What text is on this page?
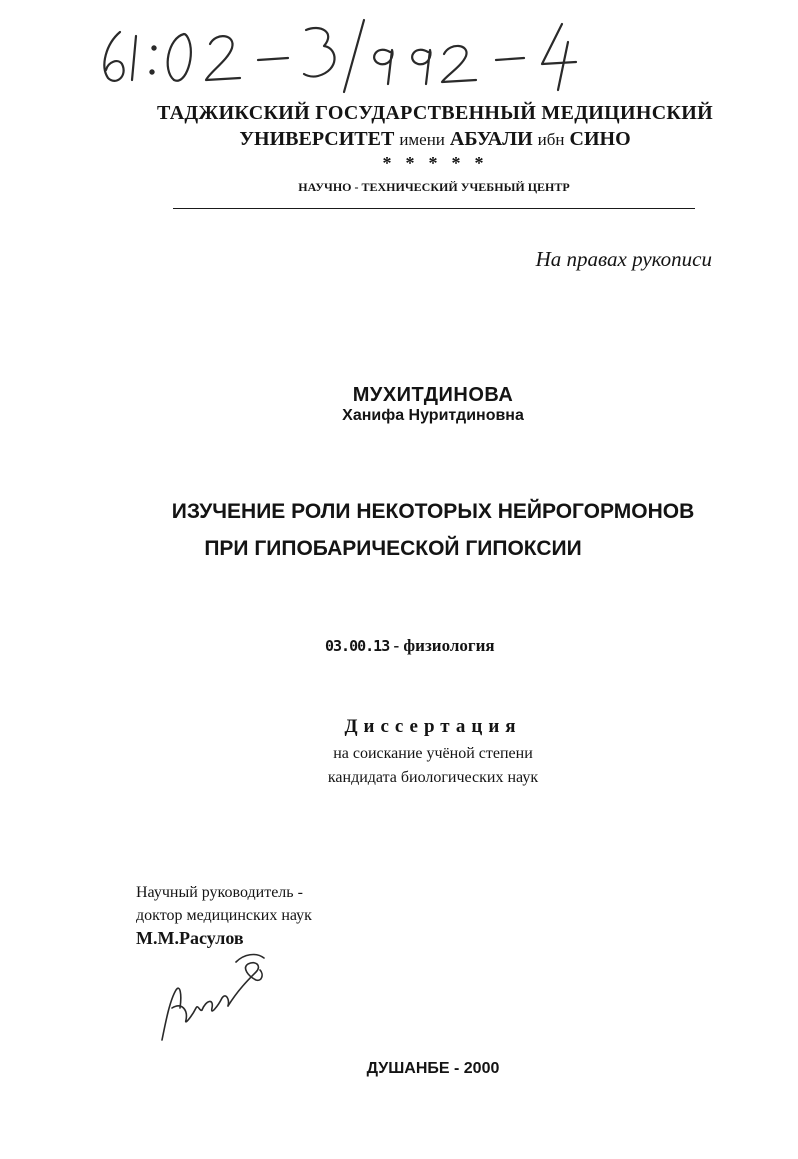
ТАДЖИКСКИЙ ГОСУДАРСТВЕННЫЙ МЕДИЦИНСКИЙ
УНИВЕРСИТЕТ имени АБУАЛИ ибн СИНО
*****
НАУЧНО - ТЕХНИЧЕСКИЙ УЧЕБНЫЙ ЦЕНТР
На правах рукописи
МУХИТДИНОВА
Ханифа Нуритдиновна
ИЗУЧЕНИЕ РОЛИ НЕКОТОРЫХ НЕЙРОГОРМОНОВ
ПРИ ГИПОБАРИЧЕСКОЙ ГИПОКСИИ
03.00.13 - физиология
Диссертация
на соискание учёной степени
кандидата биологических наук
Научный руководитель -
доктор медицинских наук
М.М.Расулов
ДУШАНБЕ - 2000
